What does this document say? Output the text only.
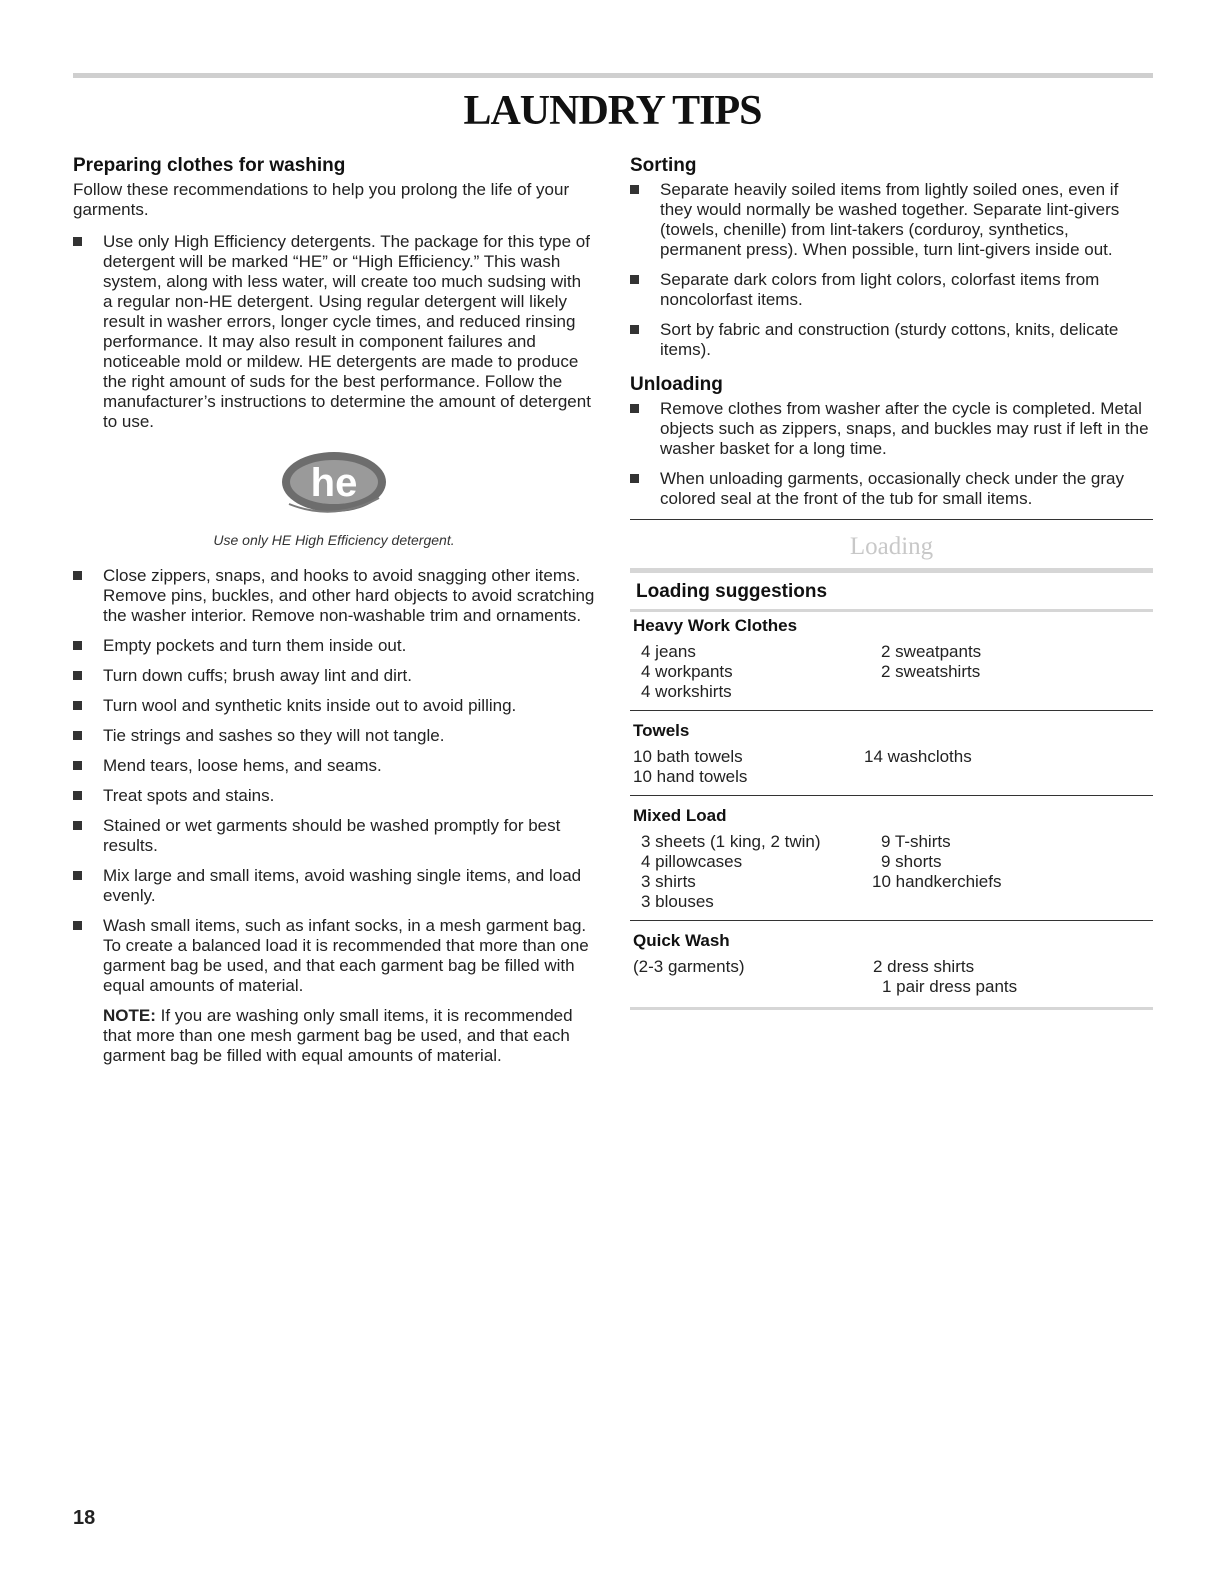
LAUNDRY TIPS
Preparing clothes for washing

Follow these recommendations to help you prolong the life of your garments.

Use only High Efficiency detergents. The package for this type of detergent will be marked “HE” or “High Efficiency.” This wash system, along with less water, will create too much sudsing with a regular non-HE detergent. Using regular detergent will likely result in washer errors, longer cycle times, and reduced rinsing performance. It may also result in component failures and noticeable mold or mildew. HE detergents are made to produce the right amount of suds for the best performance. Follow the manufacturer’s instructions to determine the amount of detergent to use.
he
Use only HE High Efficiency detergent.
Close zippers, snaps, and hooks to avoid snagging other items. Remove pins, buckles, and other hard objects to avoid scratching the washer interior. Remove non-washable trim and ornaments.
Empty pockets and turn them inside out.
Turn down cuffs; brush away lint and dirt.
Turn wool and synthetic knits inside out to avoid pilling.
Tie strings and sashes so they will not tangle.
Mend tears, loose hems, and seams.
Treat spots and stains.
Stained or wet garments should be washed promptly for best results.
Mix large and small items, avoid washing single items, and load evenly.
Wash small items, such as infant socks, in a mesh garment bag. To create a balanced load it is recommended that more than one garment bag be used, and that each garment bag be filled with equal amounts of material.

NOTE: If you are washing only small items, it is recommended that more than one mesh garment bag be used, and that each garment bag be filled with equal amounts of material.

Sorting
Separate heavily soiled items from lightly soiled ones, even if they would normally be washed together. Separate lint-givers (towels, chenille) from lint-takers (corduroy, synthetics, permanent press). When possible, turn lint-givers inside out.
Separate dark colors from light colors, colorfast items from noncolorfast items.
Sort by fabric and construction (sturdy cottons, knits, delicate items).
Unloading
Remove clothes from washer after the cycle is completed. Metal objects such as zippers, snaps, and buckles may rust if left in the washer basket for a long time.
When unloading garments, occasionally check under the gray colored seal at the front of the tub for small items.
Loading
Loading suggestions
Heavy Work Clothes
4 jeans
4 workpants
4 workshirts
2 sweatpants
2 sweatshirts
Towels
10 bath towels
10 hand towels
14 washcloths
Mixed Load
3 sheets (1 king, 2 twin)
4 pillowcases
3 shirts
3 blouses
9 T-shirts
9 shorts
10 handkerchiefs
Quick Wash
(2-3 garments)	2 dress shirts
1 pair dress pants
18
